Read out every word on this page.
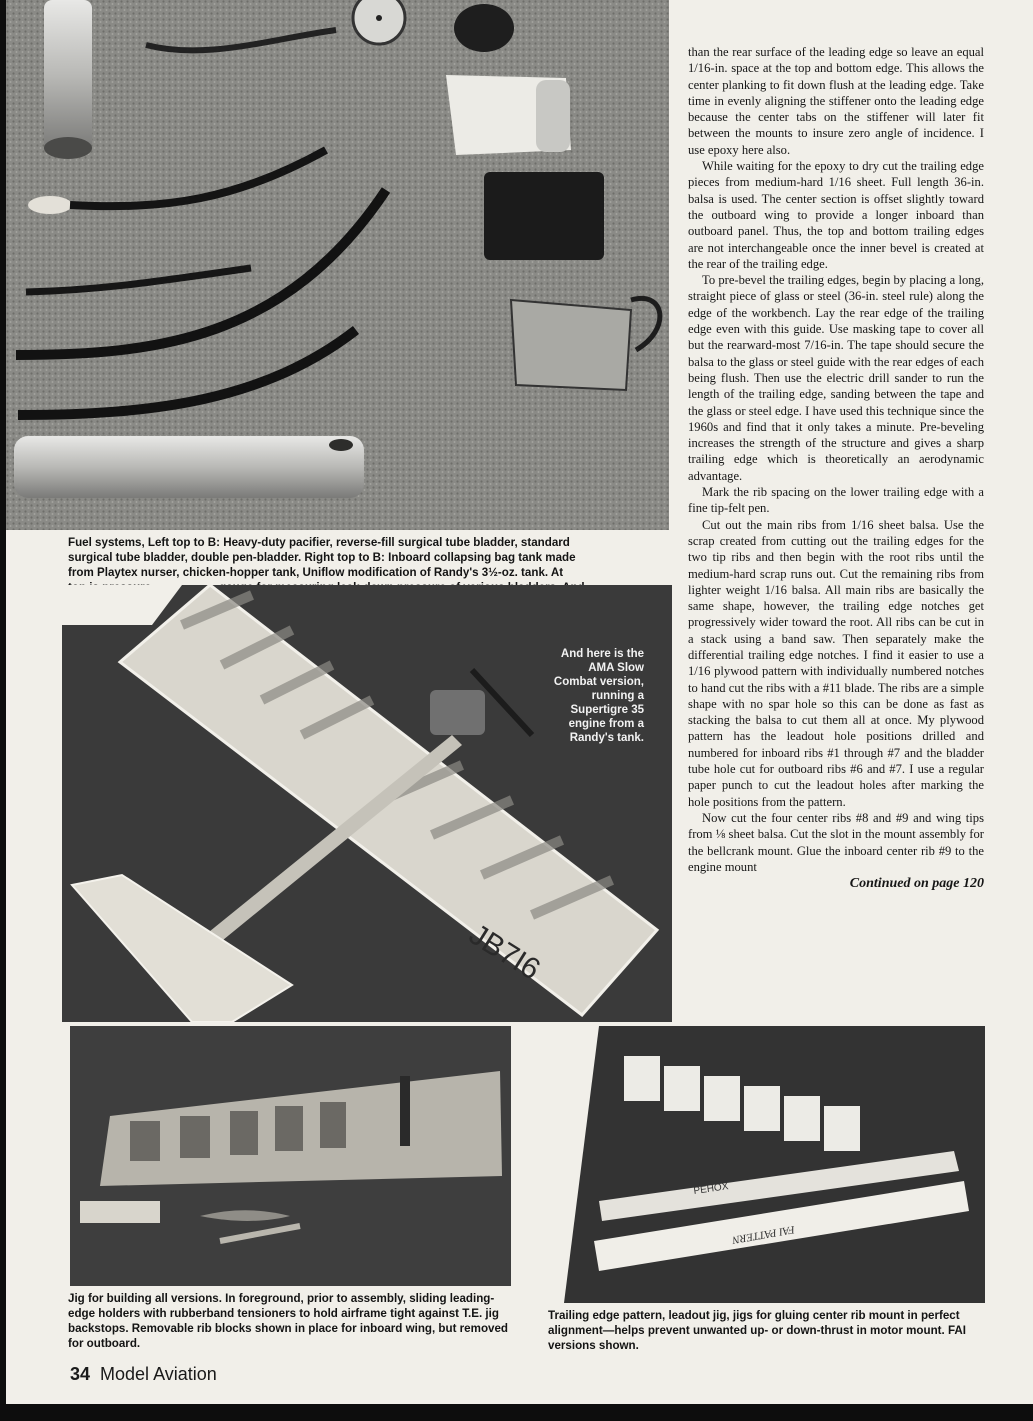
Fuel systems, Left top to B: Heavy-duty pacifier, reverse-fill surgical tube bladder, standard
surgical tube bladder, double pen-bladder. Right top to B: Inboard collapsing bag tank made
from Playtex nurser, chicken-hopper tank, Uniflow modification of Randy's 3½-oz. tank. At
JB7I6
And here is the AMA Slow Combat version, running a Supertigre 35 engine from a Randy's tank.
Jig for building all versions. In foreground, prior to assembly, sliding leading-edge holders with rubberband tensioners to hold airframe tight against T.E. jig backstops. Removable rib blocks shown in place for inboard wing, but removed for outboard.
PEHOX
FAI PATTERN
Trailing edge pattern, leadout jig, jigs for gluing center rib mount in perfect alignment—helps prevent unwanted up- or down-thrust in motor mount. FAI versions shown.

than the rear surface of the leading edge so leave an equal 1/16-in. space at the top and bottom edge. This allows the center planking to fit down flush at the leading edge. Take time in evenly aligning the stiffener onto the leading edge because the center tabs on the stiffener will later fit between the mounts to insure zero angle of incidence. I use epoxy here also.

While waiting for the epoxy to dry cut the trailing edge pieces from medium-hard 1/16 sheet. Full length 36-in. balsa is used. The center section is offset slightly toward the outboard wing to provide a longer inboard than outboard panel. Thus, the top and bottom trailing edges are not interchangeable once the inner bevel is created at the rear of the trailing edge.

To pre-bevel the trailing edges, begin by placing a long, straight piece of glass or steel (36-in. steel rule) along the edge of the workbench. Lay the rear edge of the trailing edge even with this guide. Use masking tape to cover all but the rearward-most 7/16-in. The tape should secure the balsa to the glass or steel guide with the rear edges of each being flush. Then use the electric drill sander to run the length of the trailing edge, sanding between the tape and the glass or steel edge. I have used this technique since the 1960s and find that it only takes a minute. Pre-beveling increases the strength of the structure and gives a sharp trailing edge which is theoretically an aerodynamic advantage.

Mark the rib spacing on the lower trailing edge with a fine tip-felt pen.

Cut out the main ribs from 1/16 sheet balsa. Use the scrap created from cutting out the trailing edges for the two tip ribs and then begin with the root ribs until the medium-hard scrap runs out. Cut the remaining ribs from lighter weight 1/16 balsa. All main ribs are basically the same shape, however, the trailing edge notches get progressively wider toward the root. All ribs can be cut in a stack using a band saw. Then separately make the differential trailing edge notches. I find it easier to use a 1/16 plywood pattern with individually numbered notches to hand cut the ribs with a #11 blade. The ribs are a simple shape with no spar hole so this can be done as fast as stacking the balsa to cut them all at once. My plywood pattern has the leadout hole positions drilled and numbered for inboard ribs #1 through #7 and the bladder tube hole cut for outboard ribs #6 and #7. I use a regular paper punch to cut the leadout holes after marking the hole positions from the pattern.

Now cut the four center ribs #8 and #9 and wing tips from ⅛ sheet balsa. Cut the slot in the mount assembly for the bellcrank mount. Glue the inboard center rib #9 to the engine mount

Continued on page 120
34 Model Aviation
